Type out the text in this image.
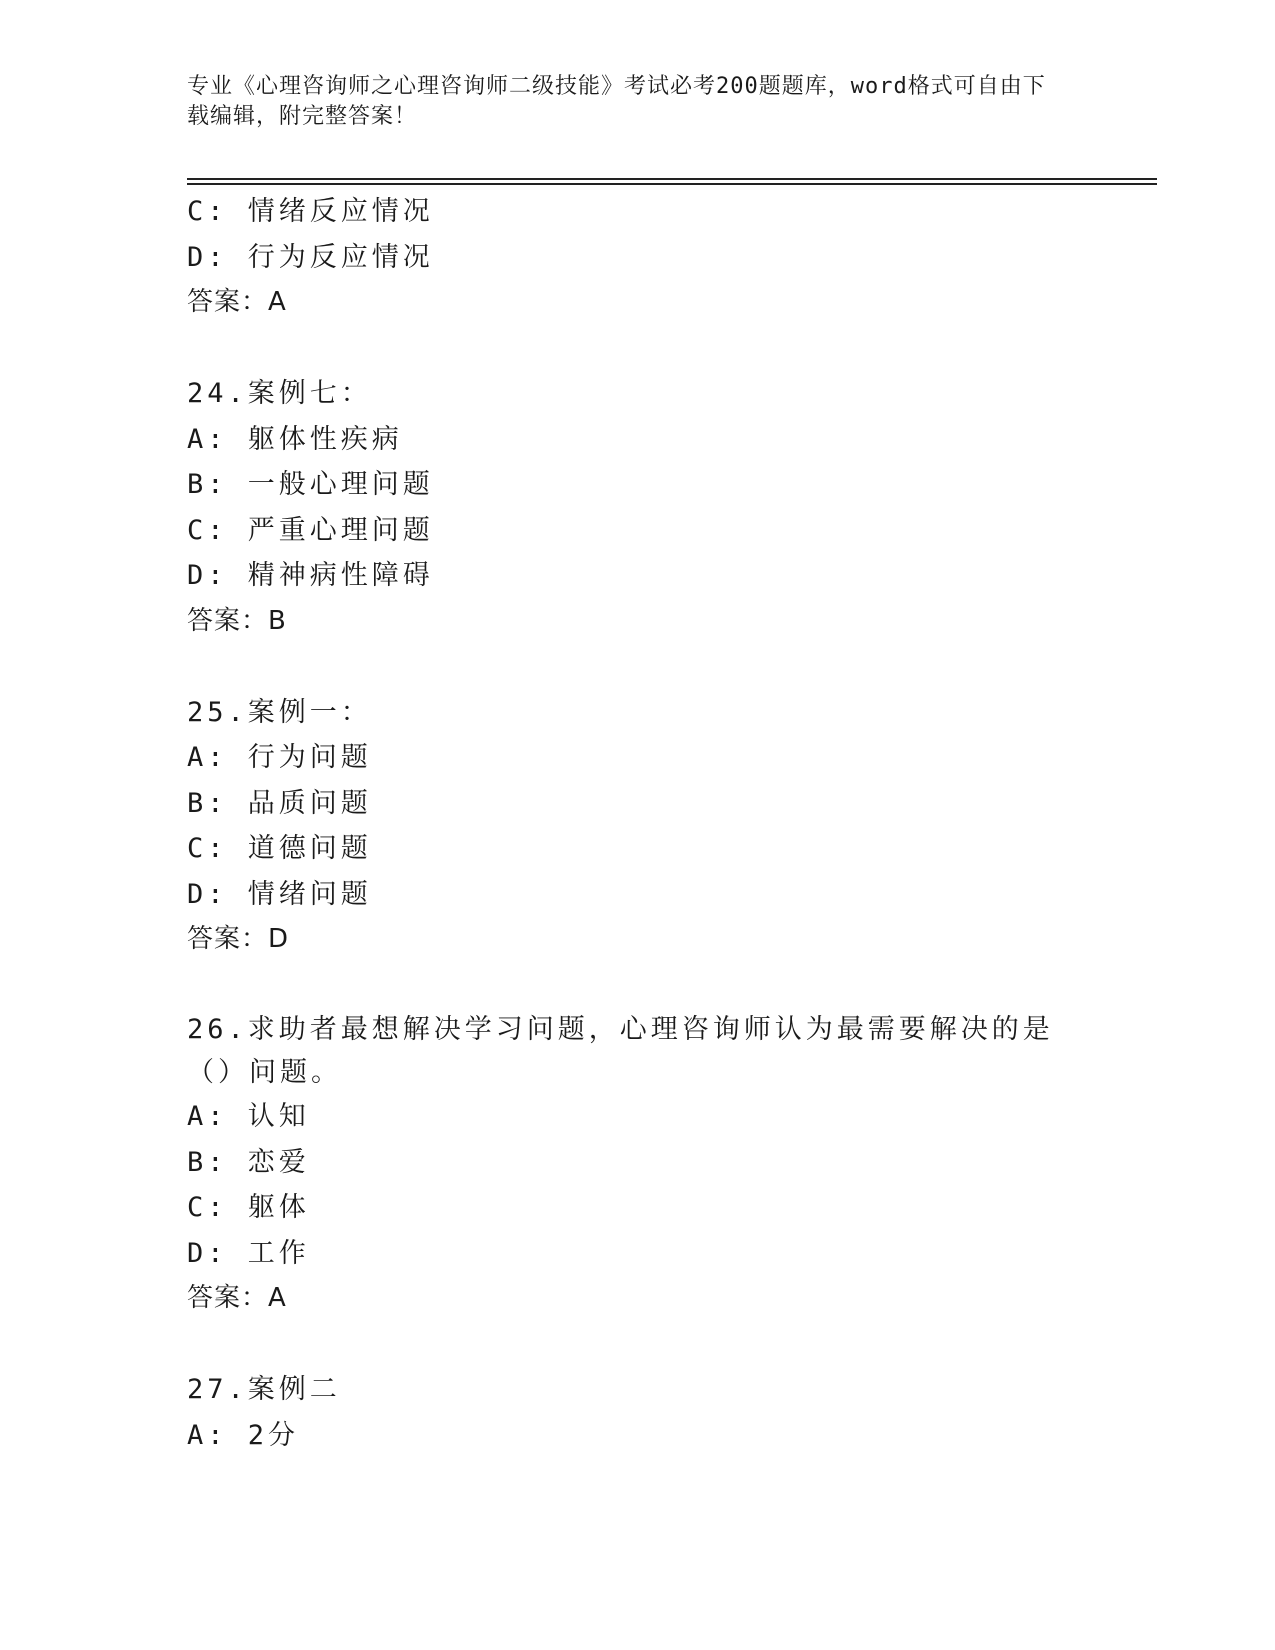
专业《心理咨询师之心理咨询师二级技能》考试必考200题题库，word格式可自由下载编辑，附完整答案！
C: 情绪反应情况
D: 行为反应情况
答案：A
24.案例七：
A: 躯体性疾病
B: 一般心理问题
C: 严重心理问题
D: 精神病性障碍
答案：B
25.案例一：
A: 行为问题
B: 品质问题
C: 道德问题
D: 情绪问题
答案：D
26.求助者最想解决学习问题，心理咨询师认为最需要解决的是（）问题。
A: 认知
B: 恋爱
C: 躯体
D: 工作
答案：A
27.案例二
A: 2分
